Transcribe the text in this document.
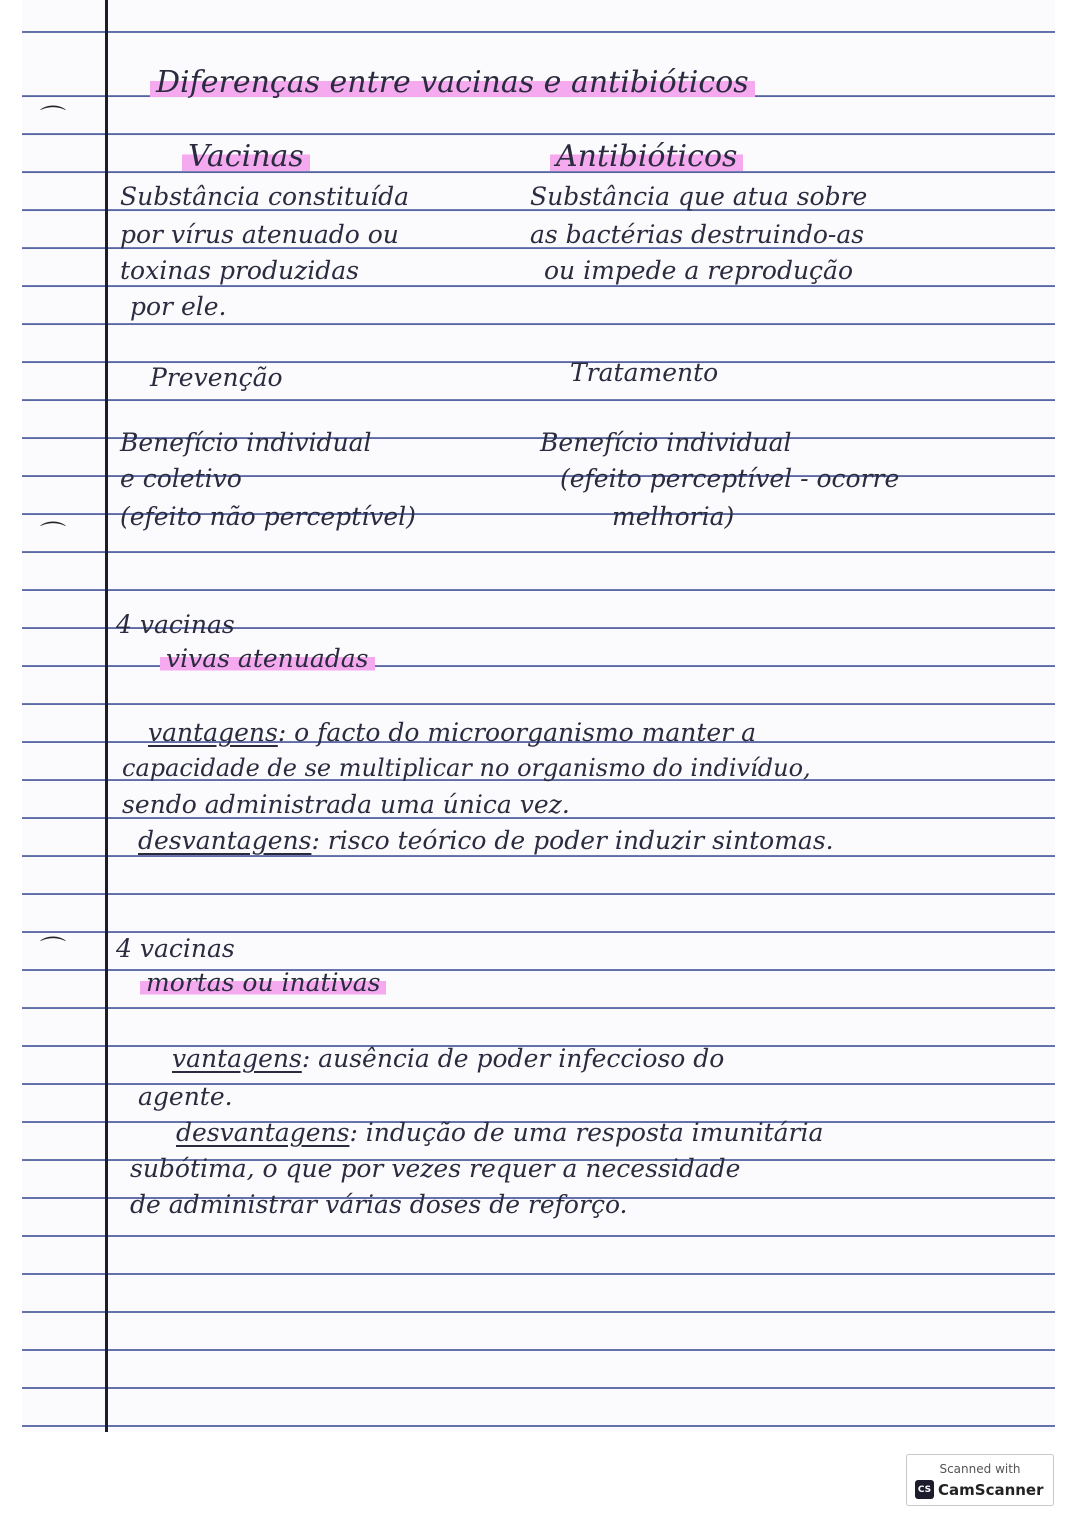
⌒
⌒
⌒
Diferenças entre vacinas e antibióticos
Vacinas	Antibióticos
Substância constituída
por vírus atenuado ou
toxinas produzidas
por ele.
Substância que atua sobre
as bactérias destruindo-as
ou impede a reprodução
Prevenção	Tratamento
Benefício individual
e coletivo
(efeito não perceptível)
Benefício individual
(efeito perceptível - ocorre
melhoria)
4 vacinas
vivas atenuadas
vantagens: o facto do microorganismo manter a
capacidade de se multiplicar no organismo do indivíduo,
sendo administrada uma única vez.
desvantagens: risco teórico de poder induzir sintomas.
4 vacinas
mortas ou inativas
vantagens: ausência de poder infeccioso do
agente.
desvantagens: indução de uma resposta imunitária
subótima, o que por vezes requer a necessidade
de administrar várias doses de reforço.
Scanned with
CS CamScanner
